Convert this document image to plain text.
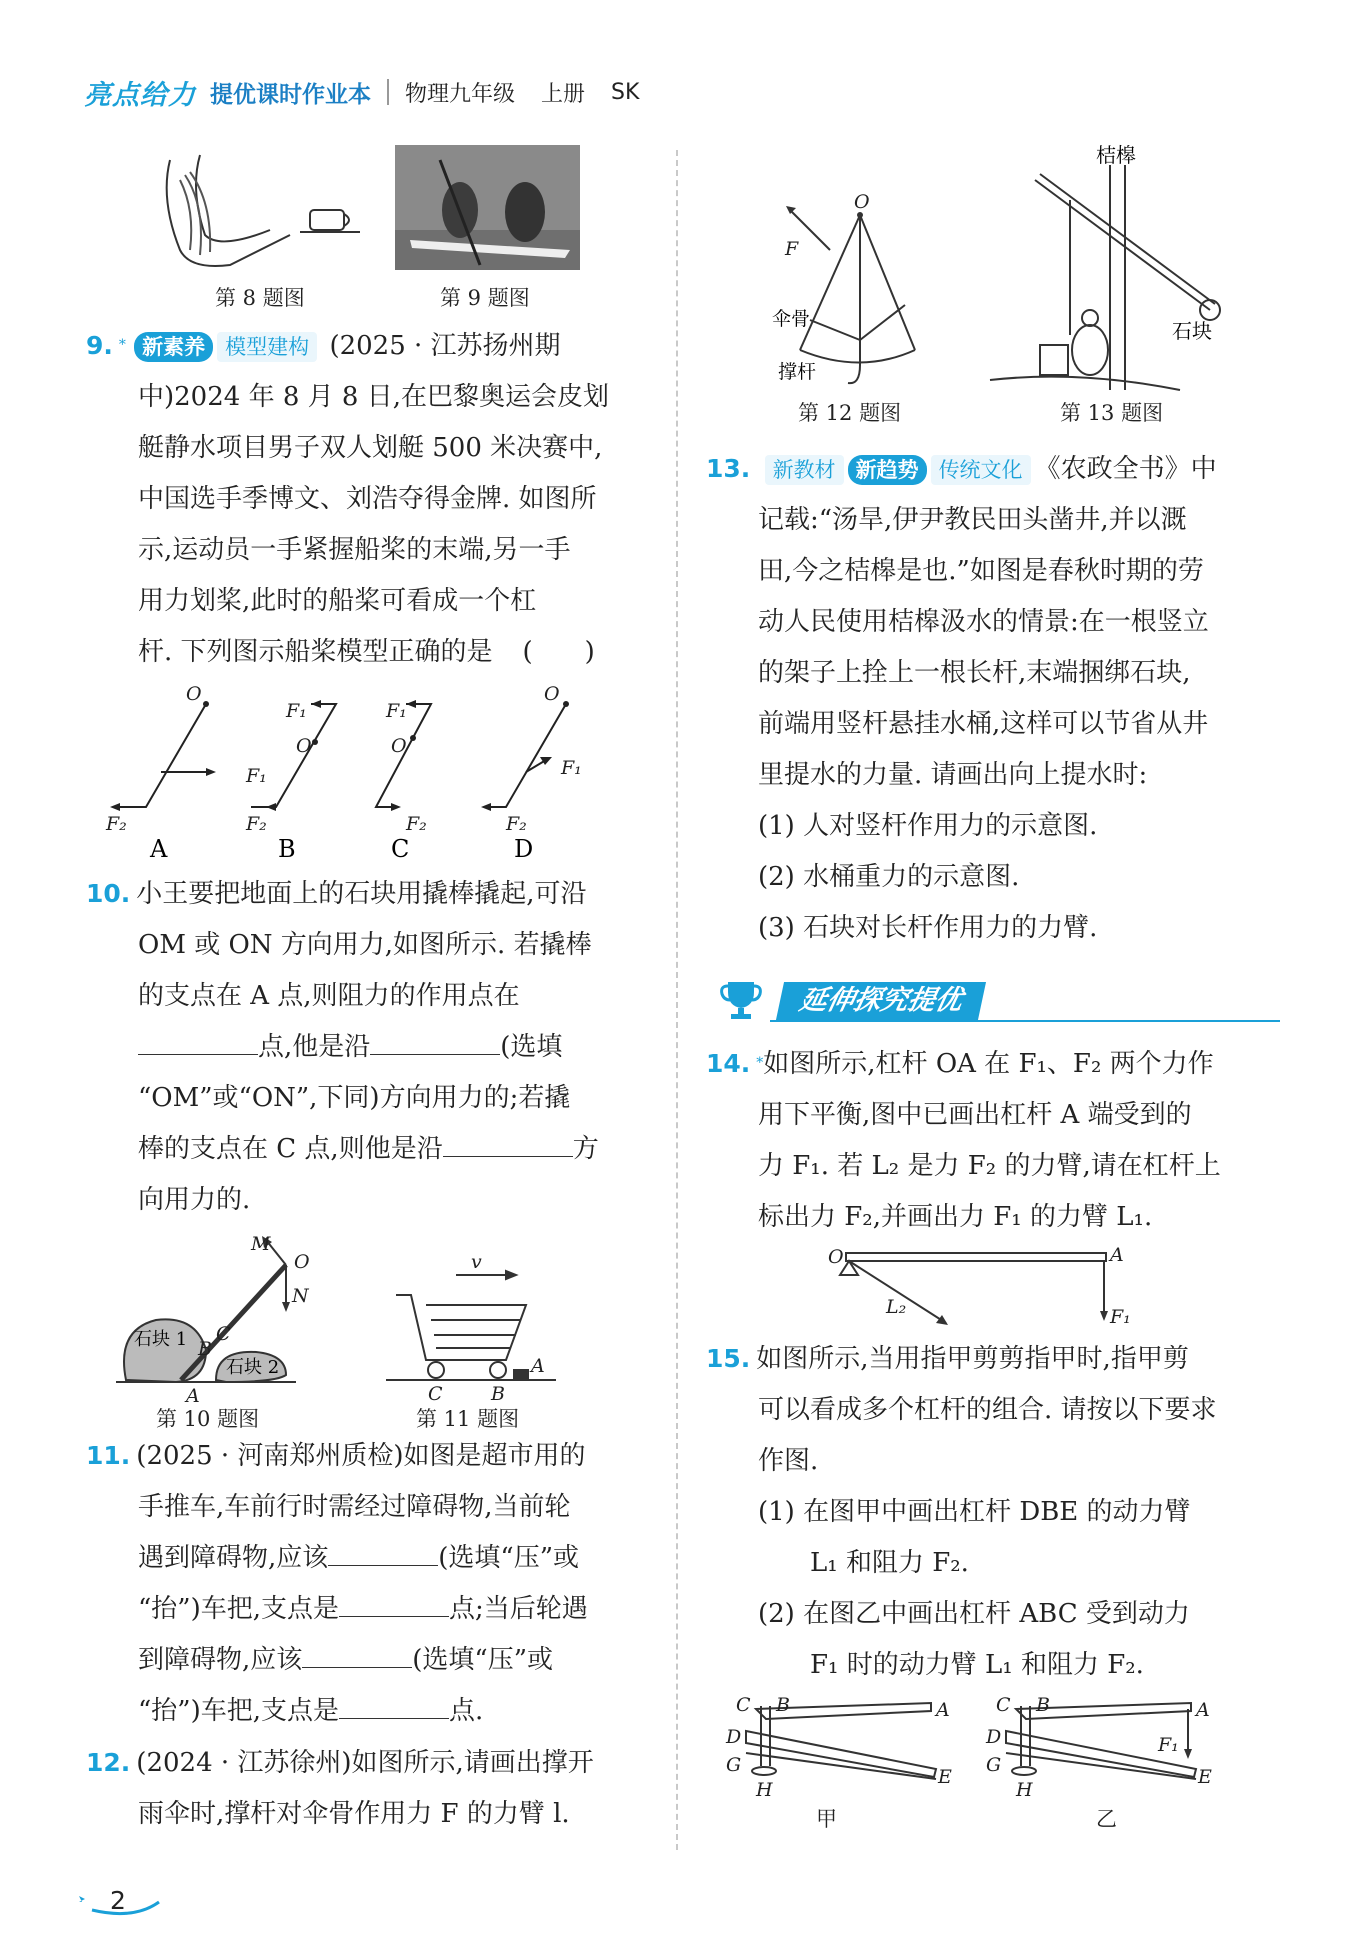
亮点给力 提优课时作业本 物理九年级 上册 SK
第 8 题图	第 9 题图

9. * 新素养 模型建构 (2025 · 江苏扬州期

中)2024 年 8 月 8 日,在巴黎奥运会皮划

艇静水项目男子双人划艇 500 米决赛中,

中国选手季博文、刘浩夺得金牌. 如图所

示,运动员一手紧握船桨的末端,另一手

用力划桨,此时的船桨可看成一个杠

杆. 下列图示船桨模型正确的是 (　　)

O
F₁
F₂
F₁
O
F₂
F₁
O
F₂
O
F₁
F₂
A	B	C	D

10. 小王要把地面上的石块用撬棒撬起,可沿

OM 或 ON 方向用力,如图所示. 若撬棒

的支点在 A 点,则阻力的作用点在

点,他是沿	(选填

“OM”或“ON”,下同)方向用力的;若撬

棒的支点在 C 点,则他是沿	方

向用力的.

M
O
N
B
C
A
石块 1
石块 2
第 10 题图
v
A
B
C
第 11 题图

11. (2025 · 河南郑州质检)如图是超市用的

手推车,车前行时需经过障碍物,当前轮

遇到障碍物,应该	(选填“压”或

“抬”)车把,支点是	点;当后轮遇

到障碍物,应该	(选填“压”或

“抬”)车把,支点是	点.

12. (2024 · 江苏徐州)如图所示,请画出撑开

雨伞时,撑杆对伞骨作用力 F 的力臂 l.

O
F
伞骨
撑杆
第 12 题图
桔槔
石块
第 13 题图

13. 新教材 新趋势 传统文化 《农政全书》中

记载:“汤旱,伊尹教民田头凿井,并以溉

田,今之桔槔是也.”如图是春秋时期的劳

动人民使用桔槔汲水的情景:在一根竖立

的架子上拴上一根长杆,末端捆绑石块,

前端用竖杆悬挂水桶,这样可以节省从井

里提水的力量. 请画出向上提水时:

(1) 人对竖杆作用力的示意图.

(2) 水桶重力的示意图.

(3) 石块对长杆作用力的力臂.

延伸探究提优

14. *如图所示,杠杆 OA 在 F₁、F₂ 两个力作

用下平衡,图中已画出杠杆 A 端受到的

力 F₁. 若 L₂ 是力 F₂ 的力臂,请在杠杆上

标出力 F₂,并画出力 F₁ 的力臂 L₁.

O	A
L₂	F₁

15. 如图所示,当用指甲剪剪指甲时,指甲剪

可以看成多个杠杆的组合. 请按以下要求

作图.

(1) 在图甲中画出杠杆 DBE 的动力臂

L₁ 和阻力 F₂.

(2) 在图乙中画出杠杆 ABC 受到动力

F₁ 时的动力臂 L₁ 和阻力 F₂.

C B	A
D
G
H
E
C B	A
D
G
H
E
F₁
甲	乙
2
